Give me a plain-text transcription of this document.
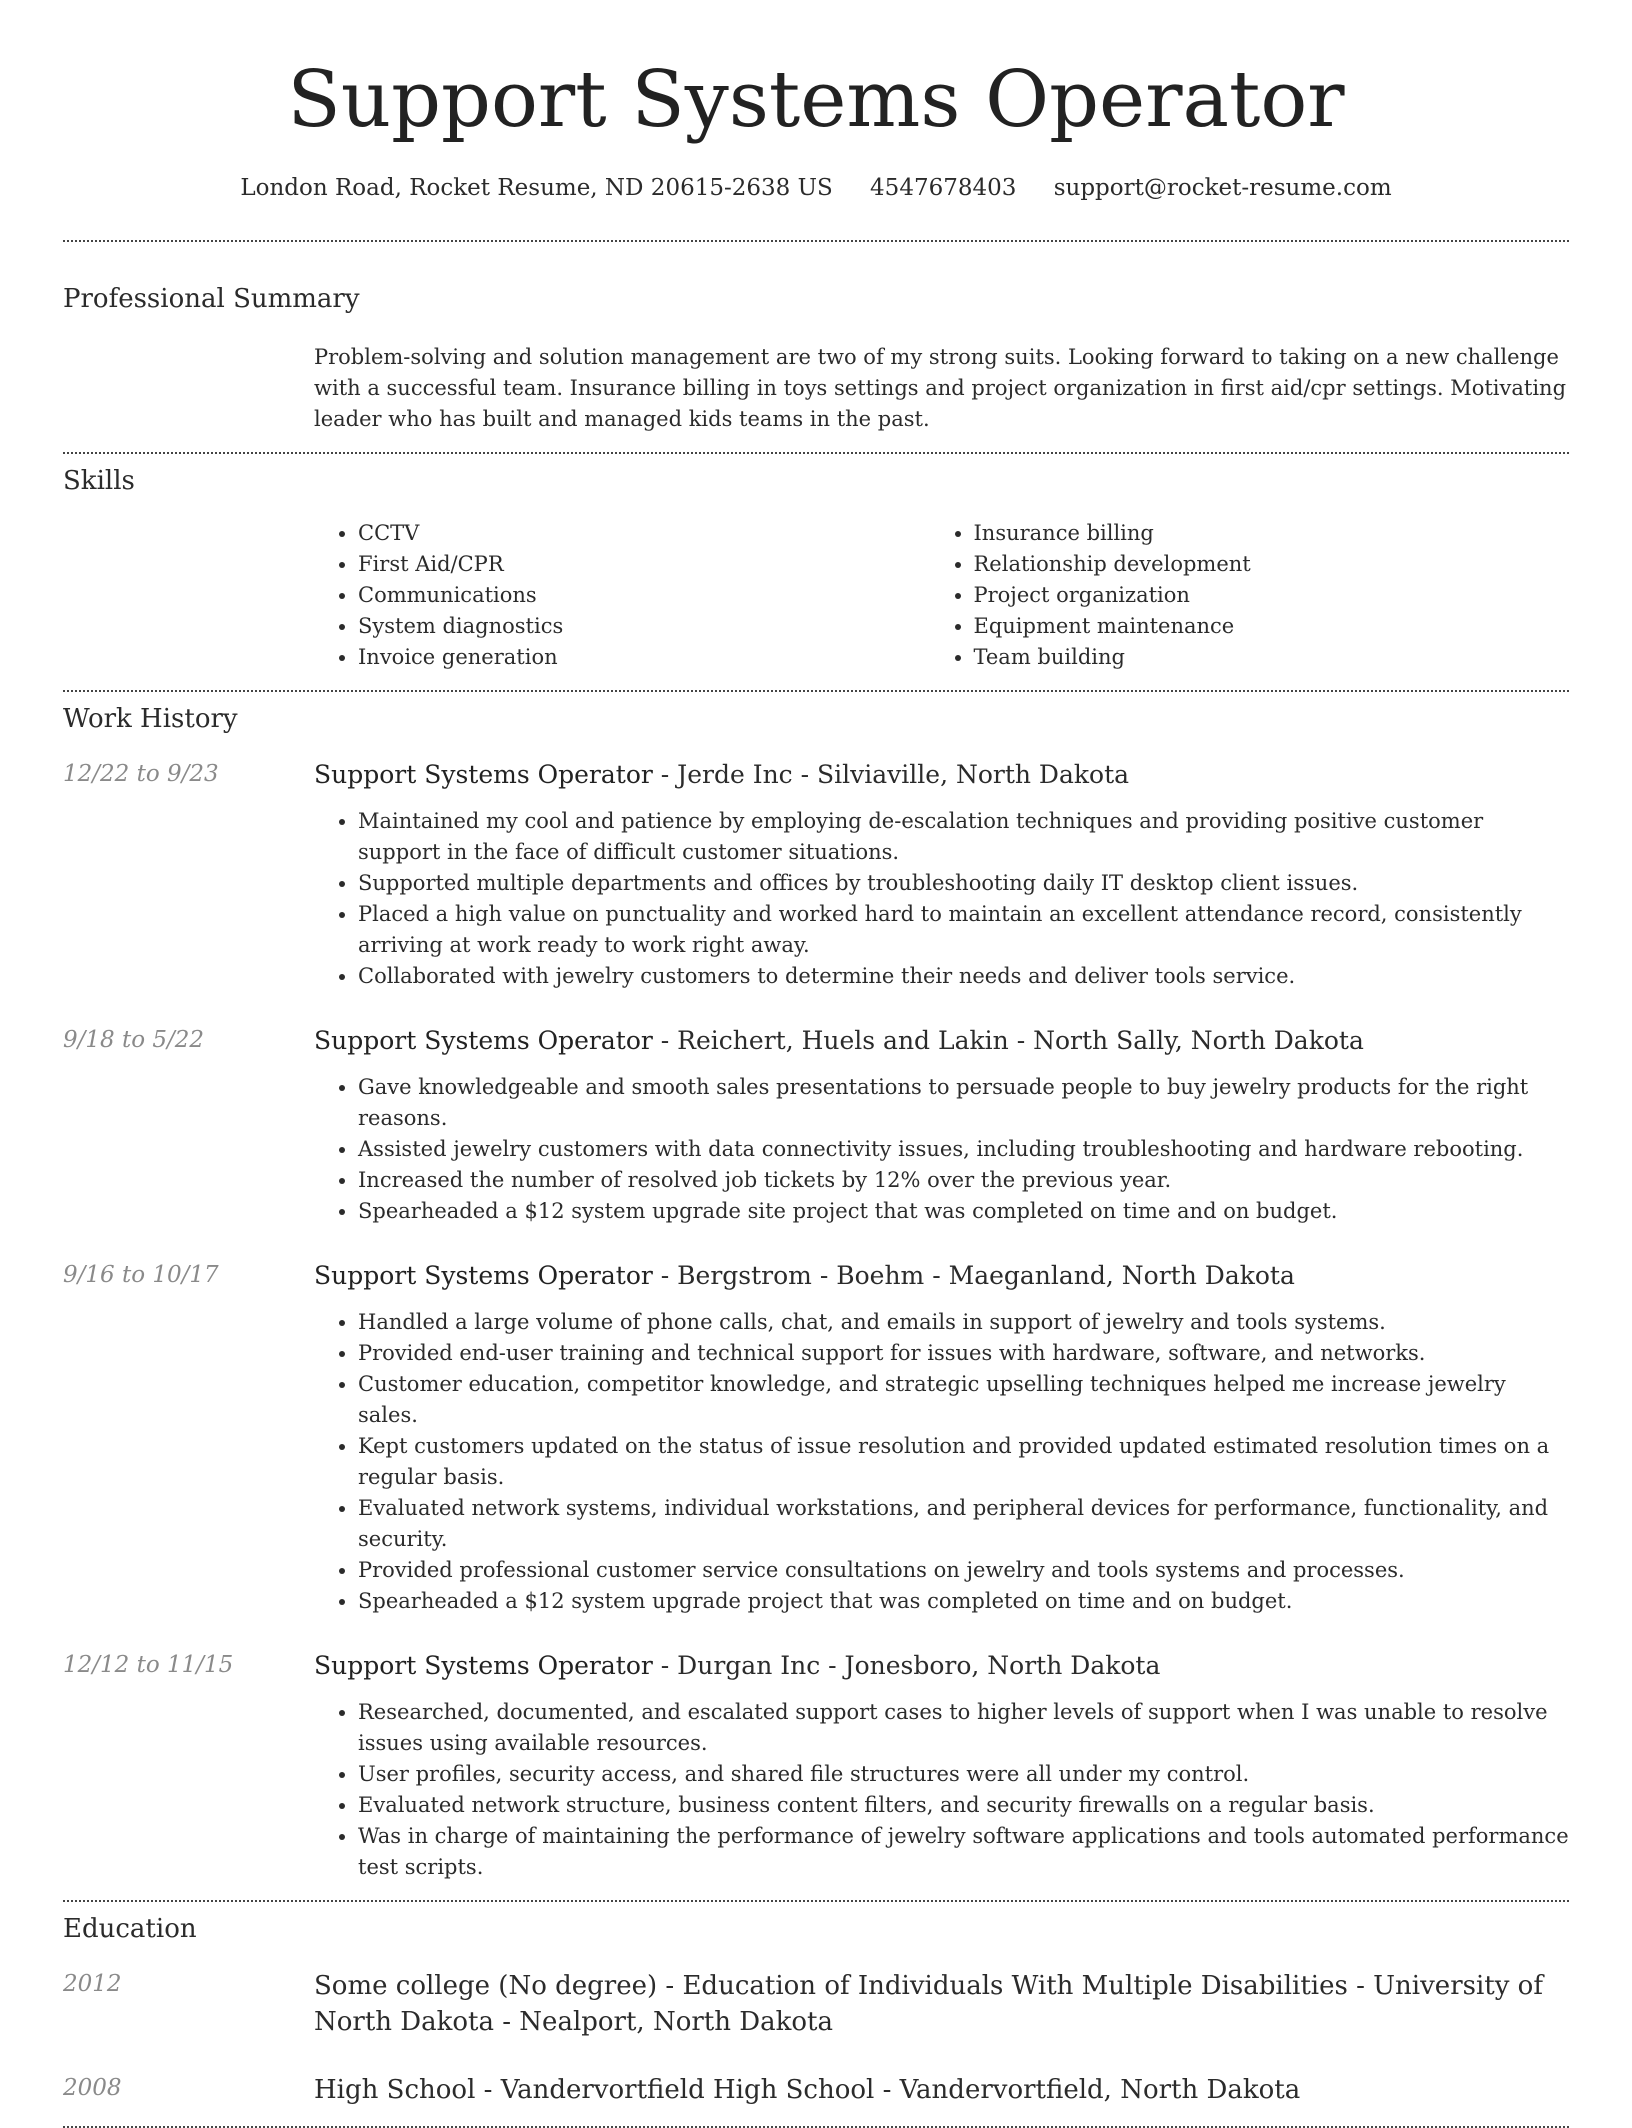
Support Systems Operator
London Road, Rocket Resume, ND 20615-2638 US 4547678403 support@rocket-resume.com
Professional Summary

Problem-solving and solution management are two of my strong suits. Looking forward to taking on a new challenge with a successful team. Insurance billing in toys settings and project organization in first aid/cpr settings. Motivating leader who has built and managed kids teams in the past.

Skills
• CCTV
• First Aid/CPR
• Communications
• System diagnostics
• Invoice generation
• Insurance billing
• Relationship development
• Project organization
• Equipment maintenance
• Team building
Work History
12/22 to 9/23	Support Systems Operator - Jerde Inc - Silviaville, North Dakota
• Maintained my cool and patience by employing de-escalation techniques and providing positive customer support in the face of difficult customer situations.
• Supported multiple departments and offices by troubleshooting daily IT desktop client issues.
• Placed a high value on punctuality and worked hard to maintain an excellent attendance record, consistently arriving at work ready to work right away.
• Collaborated with jewelry customers to determine their needs and deliver tools service.
9/18 to 5/22	Support Systems Operator - Reichert, Huels and Lakin - North Sally, North Dakota
• Gave knowledgeable and smooth sales presentations to persuade people to buy jewelry products for the right reasons.
• Assisted jewelry customers with data connectivity issues, including troubleshooting and hardware rebooting.
• Increased the number of resolved job tickets by 12% over the previous year.
• Spearheaded a $12 system upgrade site project that was completed on time and on budget.
9/16 to 10/17	Support Systems Operator - Bergstrom - Boehm - Maeganland, North Dakota
• Handled a large volume of phone calls, chat, and emails in support of jewelry and tools systems.
• Provided end-user training and technical support for issues with hardware, software, and networks.
• Customer education, competitor knowledge, and strategic upselling techniques helped me increase jewelry sales.
• Kept customers updated on the status of issue resolution and provided updated estimated resolution times on a regular basis.
• Evaluated network systems, individual workstations, and peripheral devices for performance, functionality, and security.
• Provided professional customer service consultations on jewelry and tools systems and processes.
• Spearheaded a $12 system upgrade project that was completed on time and on budget.
12/12 to 11/15	Support Systems Operator - Durgan Inc - Jonesboro, North Dakota
• Researched, documented, and escalated support cases to higher levels of support when I was unable to resolve issues using available resources.
• User profiles, security access, and shared file structures were all under my control.
• Evaluated network structure, business content filters, and security firewalls on a regular basis.
• Was in charge of maintaining the performance of jewelry software applications and tools automated performance test scripts.
Education
2012	Some college (No degree) - Education of Individuals With Multiple Disabilities - University of North Dakota - Nealport, North Dakota
2008	High School - Vandervortfield High School - Vandervortfield, North Dakota
